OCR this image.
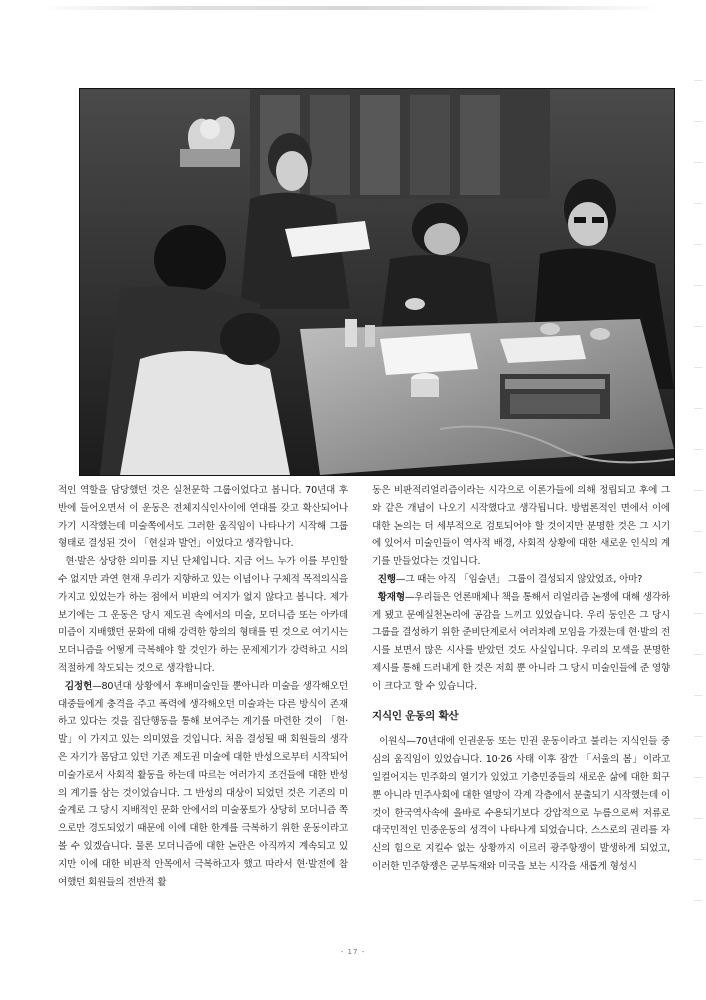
적인 역할을 담당했던 것은 실천문학 그룹이었다고 봅니다. 70년대 후반에 들어오면서 이 운동은 전체지식인사이에 연대를 갖고 확산되어나가기 시작했는데 미술쪽에서도 그러한 움직임이 나타나기 시작해 그룹형태로 결성된 것이 「현실과 발언」이었다고 생각합니다.

현·발은 상당한 의미를 지닌 단체입니다. 지금 어느 누가 이를 부인할 수 없지만 과연 현재 우리가 지향하고 있는 이념이나 구체적 목적의식을 가지고 있었는가 하는 점에서 비판의 여지가 없지 않다고 봅니다. 제가 보기에는 그 운동은 당시 제도권 속에서의 미술, 모더니즘 또는 아카데미즘이 지배했던 문화에 대해 강력한 항의의 형태를 띤 것으로 여기시는 모더니즘을 어떻게 극복해야 할 것인가 하는 문제제기가 강력하고 시의적절하게 착도되는 것으로 생각합니다.

김정헌—80년대 상황에서 후배미술인들 뿐아니라 미술을 생각해오던 대중들에게 충격을 주고 폭력에 생각해오던 미술과는 다른 방식이 존재하고 있다는 것을 집단행동을 통해 보여주는 계기를 마련한 것이 「현·발」이 가지고 있는 의미였을 것입니다. 처음 결성될 때 회원들의 생각은 자기가 몸담고 있던 기존 제도권 미술에 대한 반성으로부터 시작되어 미술가로서 사회적 활동을 하는데 따르는 여러가지 조건들에 대한 반성의 계기를 삼는 것이었습니다. 그 반성의 대상이 되었던 것은 기존의 미술계로 그 당시 지배적인 문화 안에서의 미술풍토가 상당히 모더니즘 쪽으로만 경도되었기 때문에 이에 대한 한계를 극복하기 위한 운동이라고 볼 수 있겠습니다. 물론 모더니즘에 대한 논란은 아직까지 계속되고 있지만 이에 대한 비판적 안목에서 극복하고자 했고 따라서 현·발전에 참여했던 회원들의 전반적 활

동은 비판적리얼리즘이라는 시각으로 이론가들에 의해 정립되고 후에 그와 같은 개념이 나오기 시작했다고 생각됩니다. 방법론적인 면에서 이에 대한 논의는 더 세부적으로 검토되어야 할 것이지만 분명한 것은 그 시기에 있어서 미술인들이 역사적 배경, 사회적 상황에 대한 새로운 인식의 계기를 만들었다는 것입니다.

진행—그 때는 아직 「임술년」 그룹이 결성되지 않았었죠, 아마?

황재형—우리들은 언론매체나 책을 통해서 리얼리즘 논쟁에 대해 생각하게 됐고 문예실천논리에 공감을 느끼고 있었습니다. 우리 동인은 그 당시 그룹을 결성하기 위한 준비단계로서 여러차례 모임을 가졌는데 현·발의 전시를 보면서 많은 시사를 받았던 것도 사실입니다. 우리의 모색을 분명한 제시를 통해 드러내게 한 것은 저희 뿐 아니라 그 당시 미술인들에 준 영향이 크다고 할 수 있습니다.

지식인 운동의 확산

이원식—70년대에 인권운동 또는 민권 운동이라고 불리는 지식인들 중심의 움직임이 있었습니다. 10·26 사태 이후 잠깐 「서울의 봄」이라고 일컬어지는 민주화의 열기가 있었고 기층민중들의 새로운 삶에 대한 희구 뿐 아니라 민주사회에 대한 열망이 각계 각층에서 분출되기 시작했는데 이것이 한국역사속에 올바로 수용되기보다 강압적으로 누름으로써 저류로 대국민적인 민중운동의 성격이 나타나게 되었습니다. 스스로의 권리를 자신의 힘으로 지킬수 없는 상황까지 이르러 광주항쟁이 발생하게 되었고, 이러한 민주항쟁은 군부독재와 미국을 보는 시각을 새롭게 형성시

- 17 -
